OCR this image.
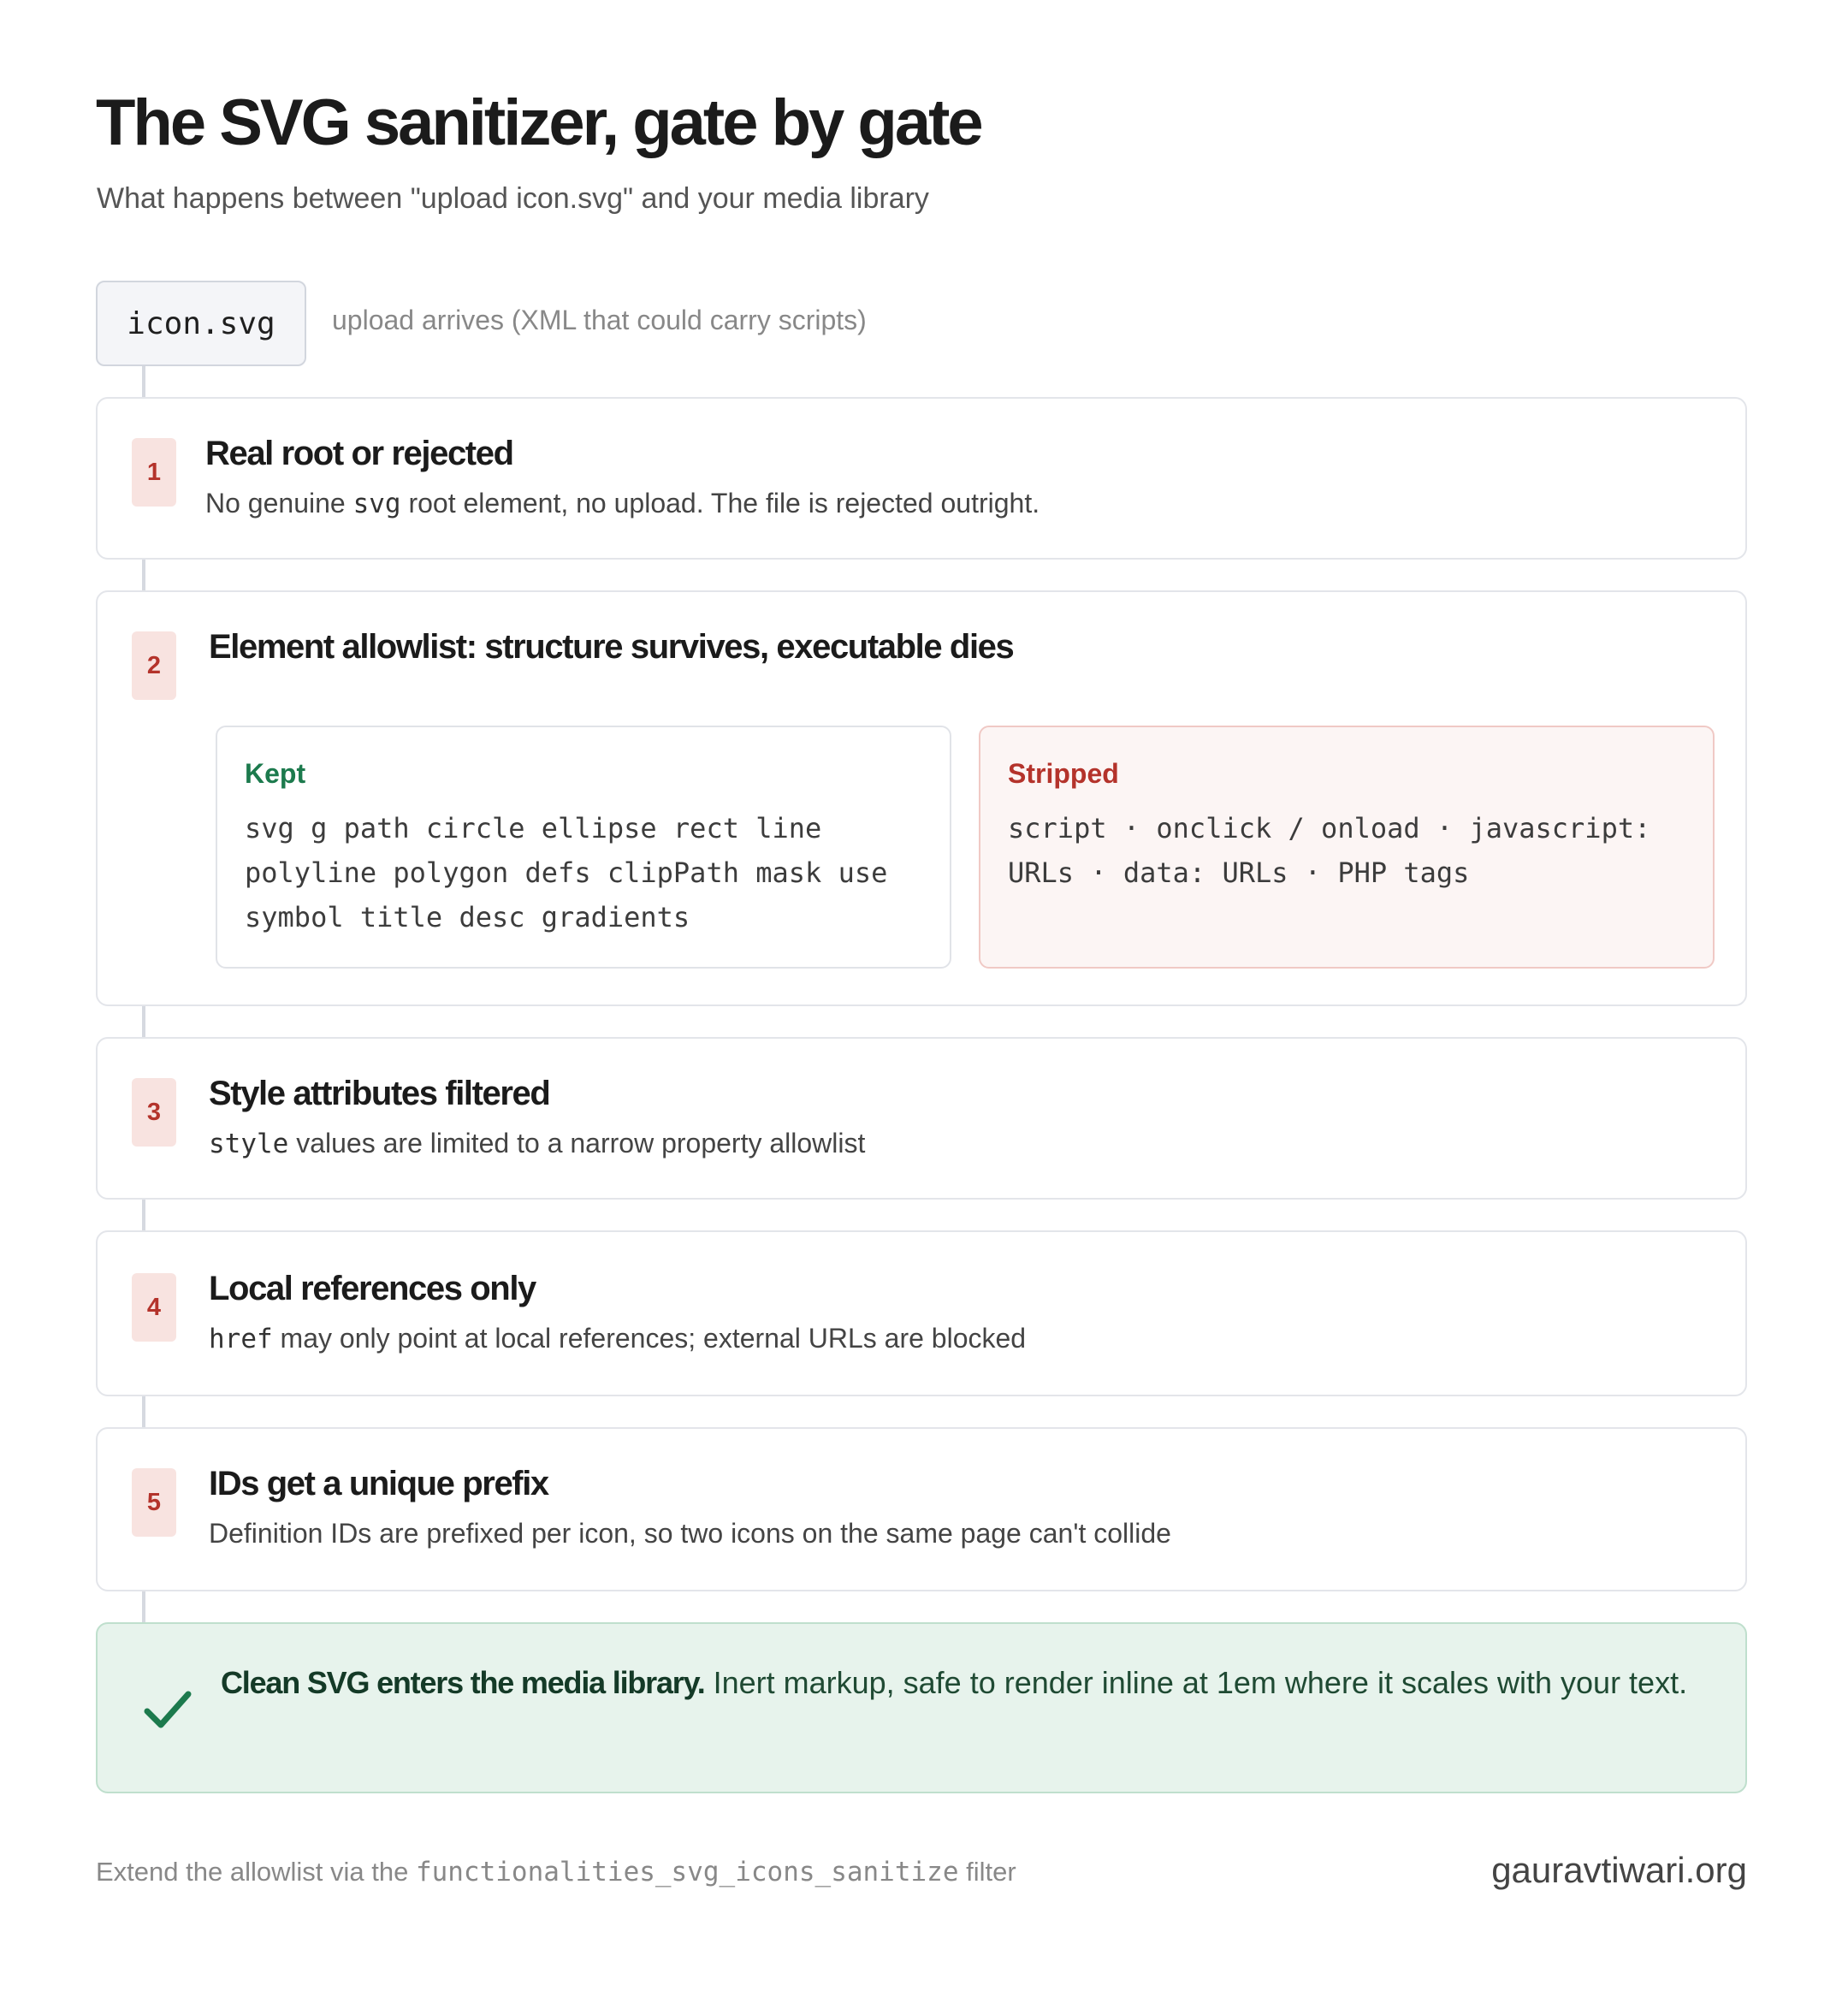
The SVG sanitizer, gate by gate
What happens between "upload icon.svg" and your media library
icon.svg	upload arrives (XML that could carry scripts)
1	Real root or rejected
No genuine svg root element, no upload. The file is rejected outright.
2	Element allowlist: structure survives, executable dies
Kept
svg g path circle ellipse rect line polyline polygon defs clipPath mask use symbol title desc gradients
Stripped
script · onclick / onload · javascript: URLs · data: URLs · PHP tags
3	Style attributes filtered
style values are limited to a narrow property allowlist
4	Local references only
href may only point at local references; external URLs are blocked
5	IDs get a unique prefix
Definition IDs are prefixed per icon, so two icons on the same page can't collide
Clean SVG enters the media library. Inert markup, safe to render inline at 1em where it scales with your text.
Extend the allowlist via the functionalities_svg_icons_sanitize filter	gauravtiwari.org
